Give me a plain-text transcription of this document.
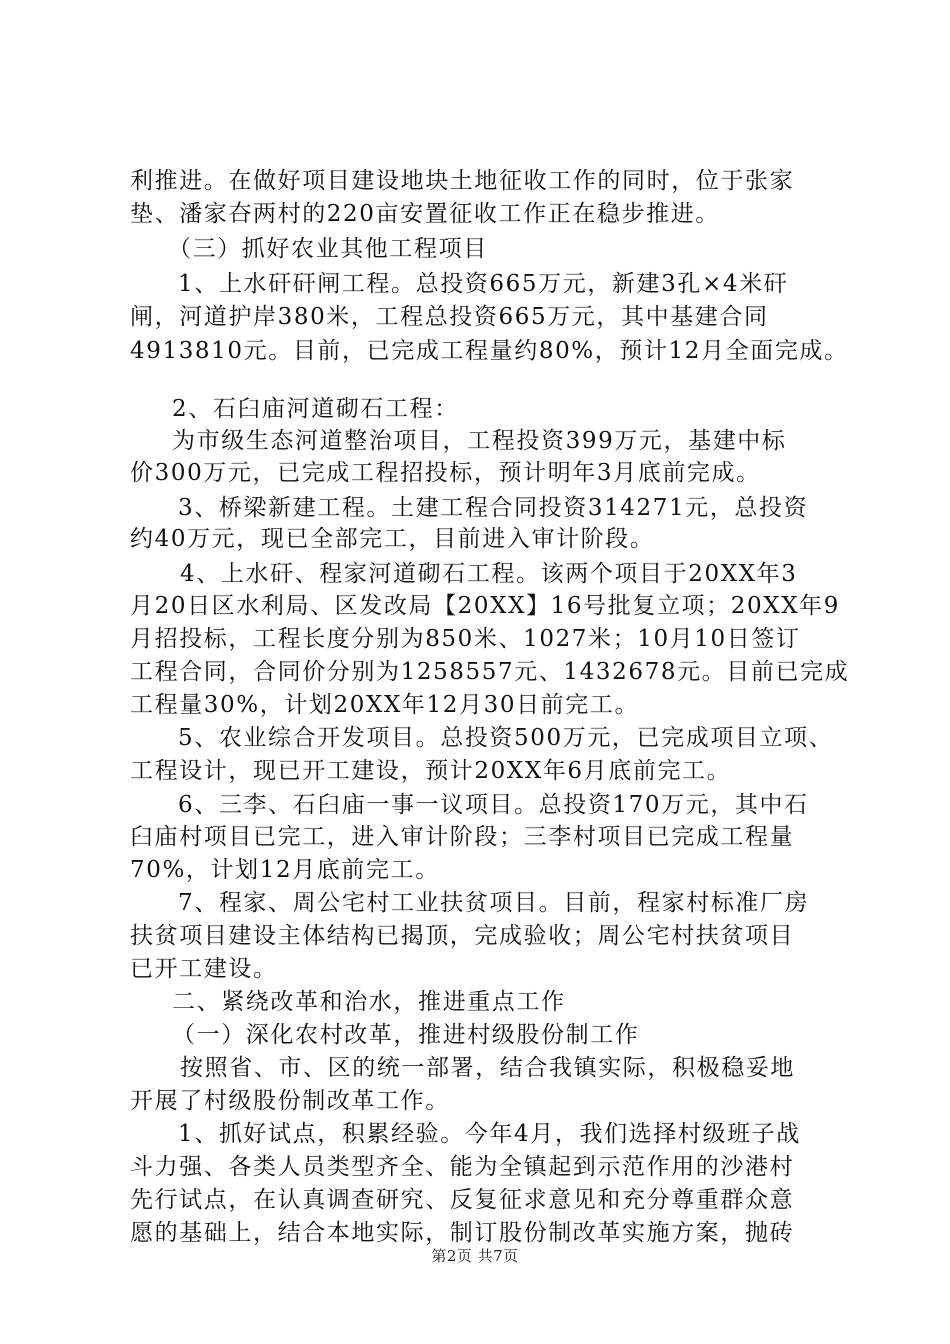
利推进。在做好项目建设地块土地征收工作的同时，位于张家
垫、潘家夻两村的220亩安置征收工作正在稳步推进。
（三）抓好农业其他工程项目
1、上水矸矸闸工程。总投资665万元，新建3孔×4米矸
闸，河道护岸380米，工程总投资665万元，其中基建合同
4913810元。目前，已完成工程量约80%，预计12月全面完成。
2、石臼庙河道砌石工程：
为市级生态河道整治项目，工程投资399万元，基建中标
价300万元，已完成工程招投标，预计明年3月底前完成。
3、桥梁新建工程。土建工程合同投资314271元，总投资
约40万元，现已全部完工，目前进入审计阶段。
4、上水矸、程家河道砌石工程。该两个项目于20XX年3
月20日区水利局、区发改局【20XX】16号批复立项；20XX年9
月招投标，工程长度分别为850米、1027米；10月10日签订
工程合同，合同价分别为1258557元、1432678元。目前已完成
工程量30%，计划20XX年12月30日前完工。
5、农业综合开发项目。总投资500万元，已完成项目立项、
工程设计，现已开工建设，预计20XX年6月底前完工。
6、三李、石臼庙一事一议项目。总投资170万元，其中石
臼庙村项目已完工，进入审计阶段；三李村项目已完成工程量
70%，计划12月底前完工。
7、程家、周公宅村工业扶贫项目。目前，程家村标准厂房
扶贫项目建设主体结构已揭顶，完成验收；周公宅村扶贫项目
已开工建设。
二、紧绕改革和治水，推进重点工作
（一）深化农村改革，推进村级股份制工作
按照省、市、区的统一部署，结合我镇实际，积极稳妥地
开展了村级股份制改革工作。
1、抓好试点，积累经验。今年4月，我们选择村级班子战
斗力强、各类人员类型齐全、能为全镇起到示范作用的沙港村
先行试点，在认真调查研究、反复征求意见和充分尊重群众意
愿的基础上，结合本地实际，制订股份制改革实施方案，抛砖
第2页 共7页
